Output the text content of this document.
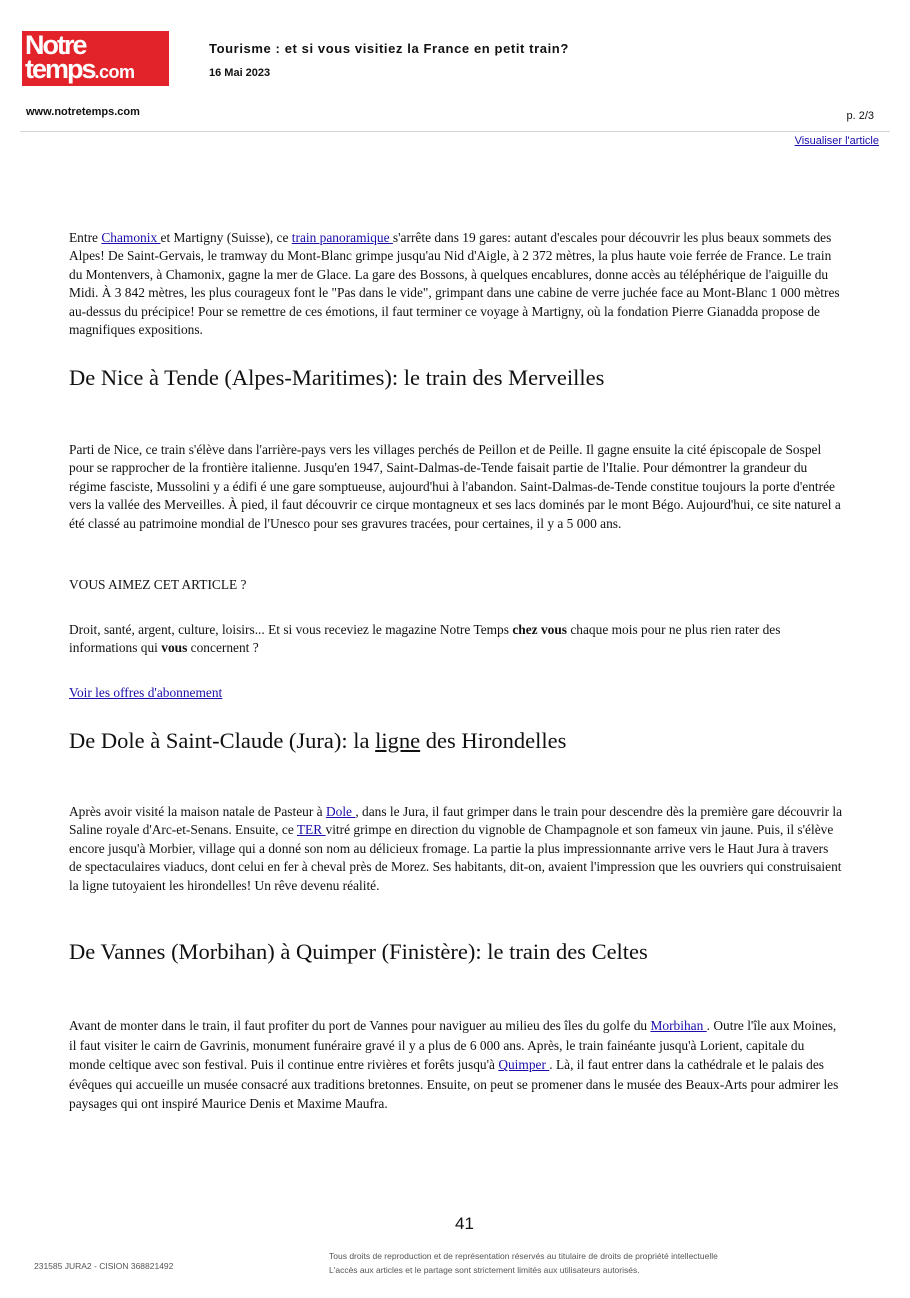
Notre
temps.com
Tourisme : et si vous visitiez la France en petit train?
16 Mai 2023
www.notretemps.com	p. 2/3
Visualiser l'article

Entre Chamonix et Martigny (Suisse), ce train panoramique s'arrête dans 19 gares: autant d'escales pour découvrir les plus beaux sommets des Alpes! De Saint-Gervais, le tramway du Mont-Blanc grimpe jusqu'au Nid d'Aigle, à 2 372 mètres, la plus haute voie ferrée de France. Le train du Montenvers, à Chamonix, gagne la mer de Glace. La gare des Bossons, à quelques encablures, donne accès au téléphérique de l'aiguille du Midi. À 3 842 mètres, les plus courageux font le "Pas dans le vide", grimpant dans une cabine de verre juchée face au Mont-Blanc 1 000 mètres au-dessus du précipice! Pour se remettre de ces émotions, il faut terminer ce voyage à Martigny, où la fondation Pierre Gianadda propose de magnifiques expositions.

De Nice à Tende (Alpes-Maritimes): le train des Merveilles

Parti de Nice, ce train s'élève dans l'arrière-pays vers les villages perchés de Peillon et de Peille. Il gagne ensuite la cité épiscopale de Sospel pour se rapprocher de la frontière italienne. Jusqu'en 1947, Saint-Dalmas-de-Tende faisait partie de l'Italie. Pour démontrer la grandeur du régime fasciste, Mussolini y a édifi é une gare somptueuse, aujourd'hui à l'abandon. Saint-Dalmas-de-Tende constitue toujours la porte d'entrée vers la vallée des Merveilles. À pied, il faut découvrir ce cirque montagneux et ses lacs dominés par le mont Bégo. Aujourd'hui, ce site naturel a été classé au patrimoine mondial de l'Unesco pour ses gravures tracées, pour certaines, il y a 5 000 ans.

VOUS AIMEZ CET ARTICLE ?

Droit, santé, argent, culture, loisirs... Et si vous receviez le magazine Notre Temps chez vous chaque mois pour ne plus rien rater des informations qui vous concernent ?

Voir les offres d'abonnement

De Dole à Saint-Claude (Jura): la ligne des Hirondelles

Après avoir visité la maison natale de Pasteur à Dole , dans le Jura, il faut grimper dans le train pour descendre dès la première gare découvrir la Saline royale d'Arc-et-Senans. Ensuite, ce TER vitré grimpe en direction du vignoble de Champagnole et son fameux vin jaune. Puis, il s'élève encore jusqu'à Morbier, village qui a donné son nom au délicieux fromage. La partie la plus impressionnante arrive vers le Haut Jura à travers de spectaculaires viaducs, dont celui en fer à cheval près de Morez. Ses habitants, dit-on, avaient l'impression que les ouvriers qui construisaient la ligne tutoyaient les hirondelles! Un rêve devenu réalité.

De Vannes (Morbihan) à Quimper (Finistère): le train des Celtes

Avant de monter dans le train, il faut profiter du port de Vannes pour naviguer au milieu des îles du golfe du Morbihan . Outre l'île aux Moines, il faut visiter le cairn de Gavrinis, monument funéraire gravé il y a plus de 6 000 ans. Après, le train fainéante jusqu'à Lorient, capitale du monde celtique avec son festival. Puis il continue entre rivières et forêts jusqu'à Quimper . Là, il faut entrer dans la cathédrale et le palais des évêques qui accueille un musée consacré aux traditions bretonnes. Ensuite, on peut se promener dans le musée des Beaux-Arts pour admirer les paysages qui ont inspiré Maurice Denis et Maxime Maufra.

41
231585 JURA2 - CISION 368821492
Tous droits de reproduction et de représentation réservés au titulaire de droits de propriété intellectuelle
L'accès aux articles et le partage sont strictement limités aux utilisateurs autorisés.
